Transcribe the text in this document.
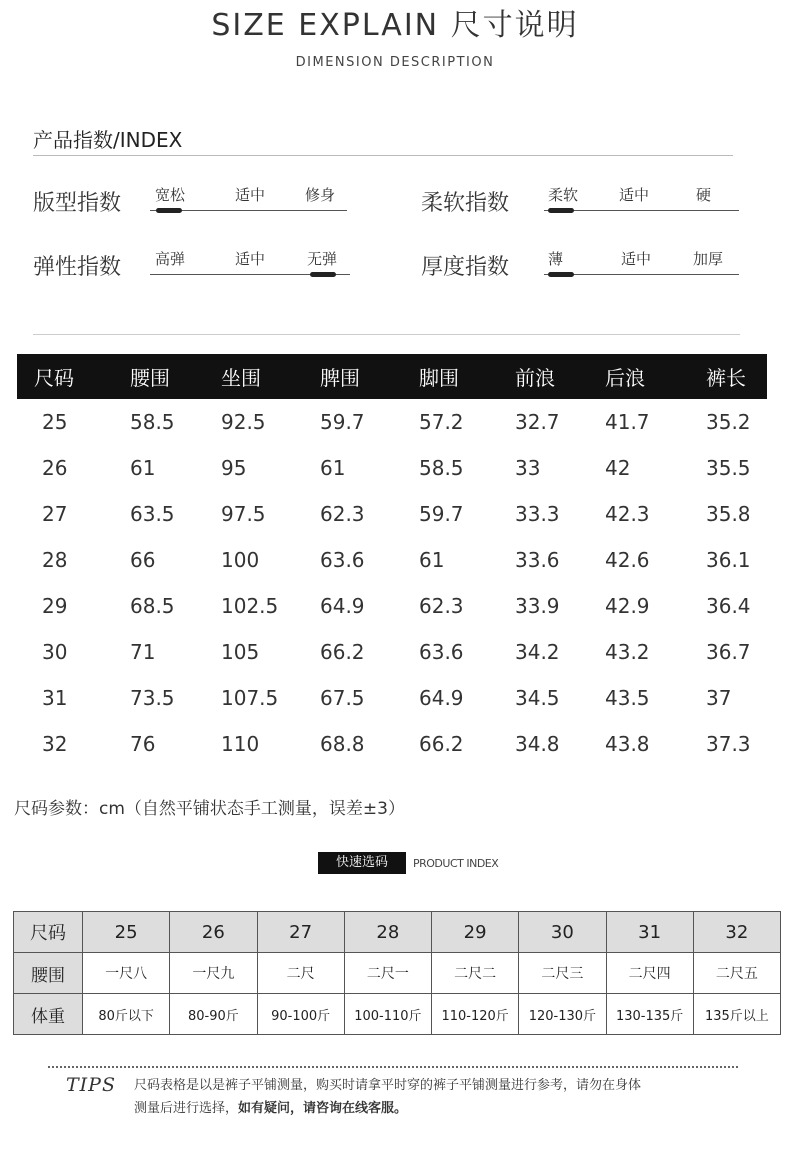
SIZE EXPLAIN 尺寸说明
DIMENSION DESCRIPTION
产品指数/INDEX
版型指数 宽松	适中	修身	柔软指数	柔软	适中	硬
弹性指数 高弹	适中	无弹	厚度指数	薄	适中	加厚
尺码	腰围	坐围	脾围	脚围	前浪	后浪	裤长
25	58.5	92.5	59.7	57.2	32.7	41.7	35.2
26	61	95	61	58.5	33	42	35.5
27	63.5	97.5	62.3	59.7	33.3	42.3	35.8
28	66	100	63.6	61	33.6	42.6	36.1
29	68.5	102.5	64.9	62.3	33.9	42.9	36.4
30	71	105	66.2	63.6	34.2	43.2	36.7
31	73.5	107.5	67.5	64.9	34.5	43.5	37
32	76	110	68.8	66.2	34.8	43.8	37.3
尺码参数：cm（自然平铺状态手工测量，误差±3）
快速选码	PRODUCT INDEX
尺码	25	26	27	28	29	30	31	32
腰围	一尺八	一尺九	二尺	二尺一	二尺二	二尺三	二尺四	二尺五
体重	80斤以下	80-90斤	90-100斤	100-110斤	110-120斤	120-130斤	130-135斤	135斤以上
TIPS 尺码表格是以是裤子平铺测量，购买时请拿平时穿的裤子平铺测量进行参考，请勿在身体
测量后进行选择，如有疑问，请咨询在线客服。
